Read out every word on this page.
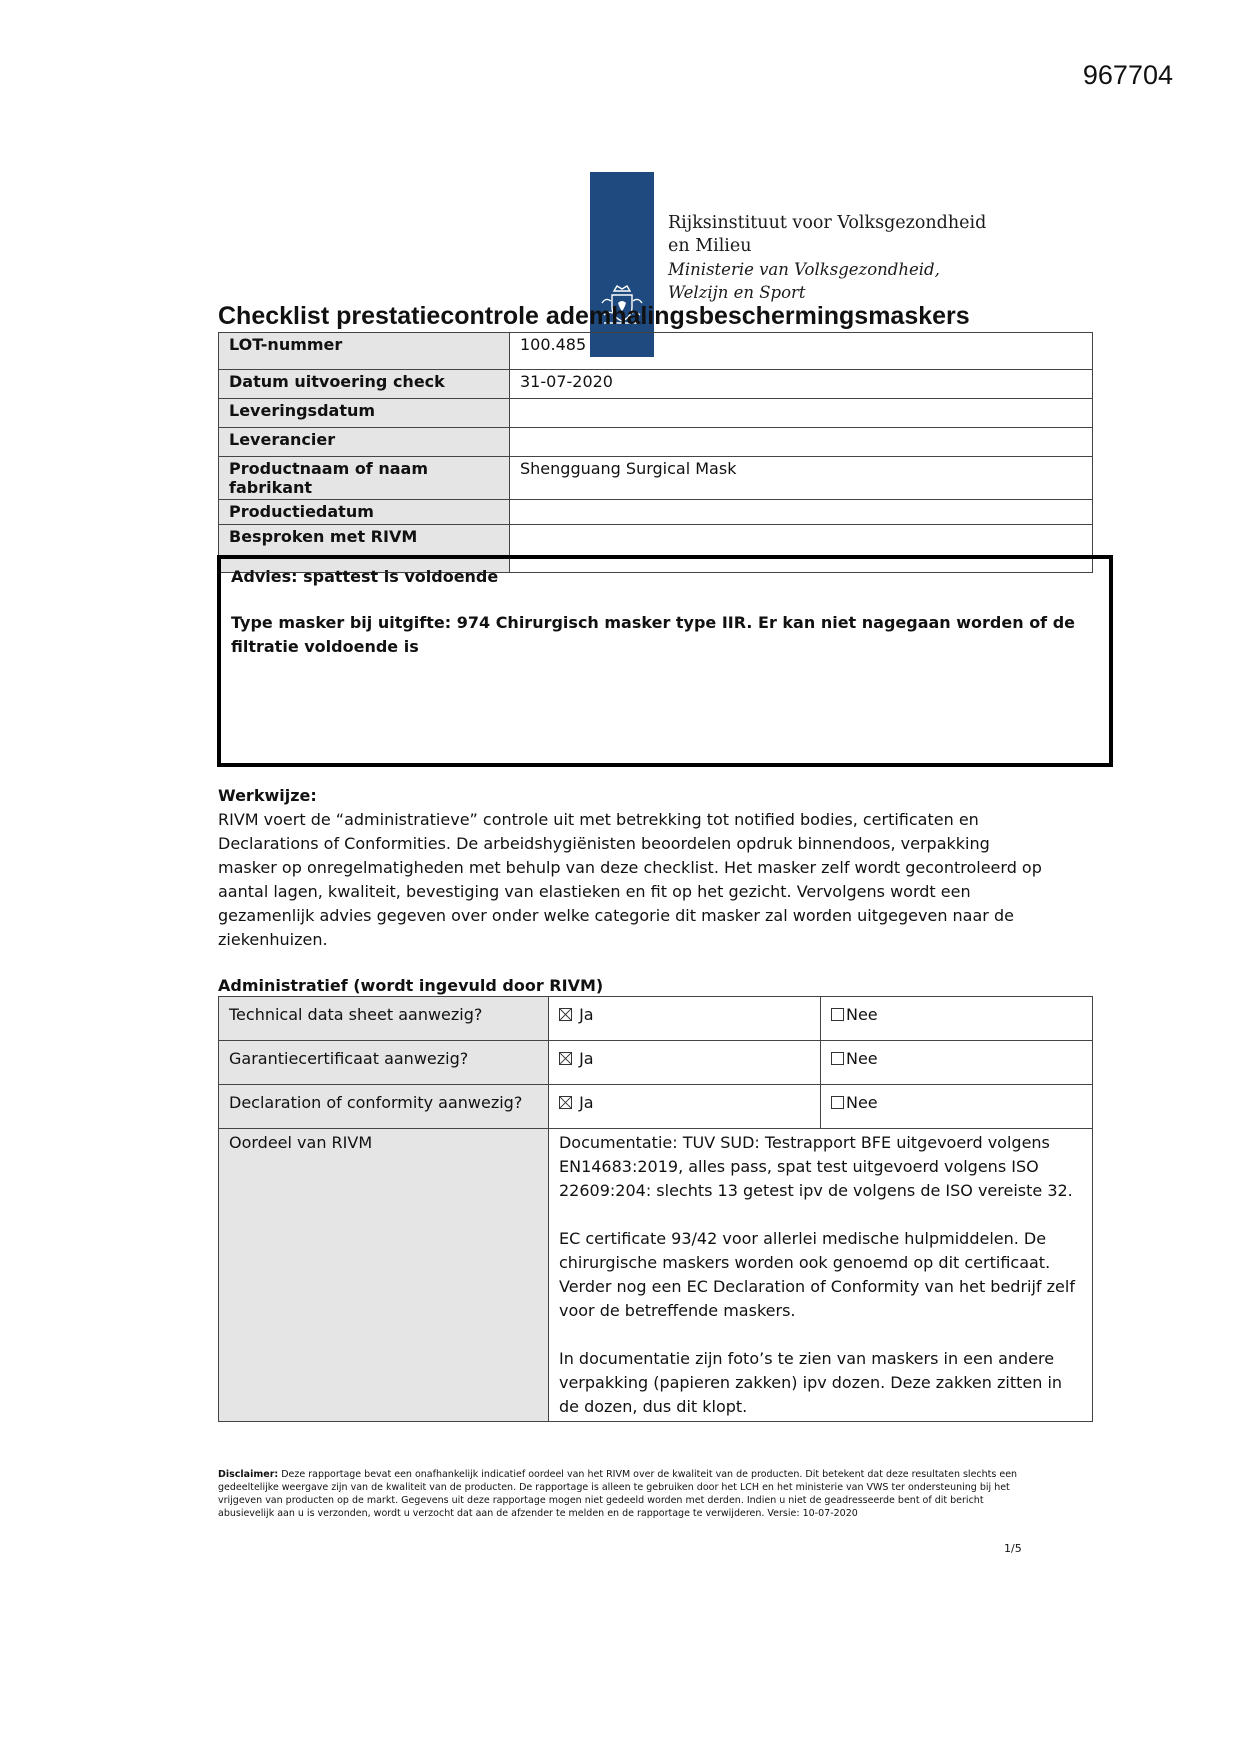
967704
Rijksinstituut voor Volksgezondheid
en Milieu
Ministerie van Volksgezondheid,
Welzijn en Sport
Checklist prestatiecontrole ademhalingsbeschermingsmaskers
LOT-nummer	100.485
Datum uitvoering check	31-07-2020
Leveringsdatum	
Leverancier	
Productnaam of naam fabrikant	Shengguang Surgical Mask
Productiedatum	
Besproken met RIVM	

Advies: spattest is voldoende

Type masker bij uitgifte: 974 Chirurgisch masker type IIR. Er kan niet nagegaan worden of de filtratie voldoende is

Werkwijze:
RIVM voert de “administratieve” controle uit met betrekking tot notified bodies, certificaten en Declarations of Conformities. De arbeidshygiënisten beoordelen opdruk binnendoos, verpakking masker op onregelmatigheden met behulp van deze checklist. Het masker zelf wordt gecontroleerd op aantal lagen, kwaliteit, bevestiging van elastieken en fit op het gezicht. Vervolgens wordt een gezamenlijk advies gegeven over onder welke categorie dit masker zal worden uitgegeven naar de ziekenhuizen.
Administratief (wordt ingevuld door RIVM)
Technical data sheet aanwezig?	Ja	Nee
Garantiecertificaat aanwezig?	Ja	Nee
Declaration of conformity aanwezig?	Ja	Nee
Oordeel van RIVM	Documentatie: TUV SUD: Testrapport BFE uitgevoerd volgens EN14683:2019, alles pass, spat test uitgevoerd volgens ISO 22609:204: slechts 13 getest ipv de volgens de ISO vereiste 32.

EC certificate 93/42 voor allerlei medische hulpmiddelen. De chirurgische maskers worden ook genoemd op dit certificaat. Verder nog een EC Declaration of Conformity van het bedrijf zelf voor de betreffende maskers.

In documentatie zijn foto’s te zien van maskers in een andere verpakking (papieren zakken) ipv dozen. Deze zakken zitten in de dozen, dus dit klopt.	

Disclaimer: Deze rapportage bevat een onafhankelijk indicatief oordeel van het RIVM over de kwaliteit van de producten. Dit betekent dat deze resultaten slechts een gedeeltelijke weergave zijn van de kwaliteit van de producten. De rapportage is alleen te gebruiken door het LCH en het ministerie van VWS ter ondersteuning bij het vrijgeven van producten op de markt. Gegevens uit deze rapportage mogen niet gedeeld worden met derden. Indien u niet de geadresseerde bent of dit bericht abusievelijk aan u is verzonden, wordt u verzocht dat aan de afzender te melden en de rapportage te verwijderen. Versie: 10-07-2020
1/5
